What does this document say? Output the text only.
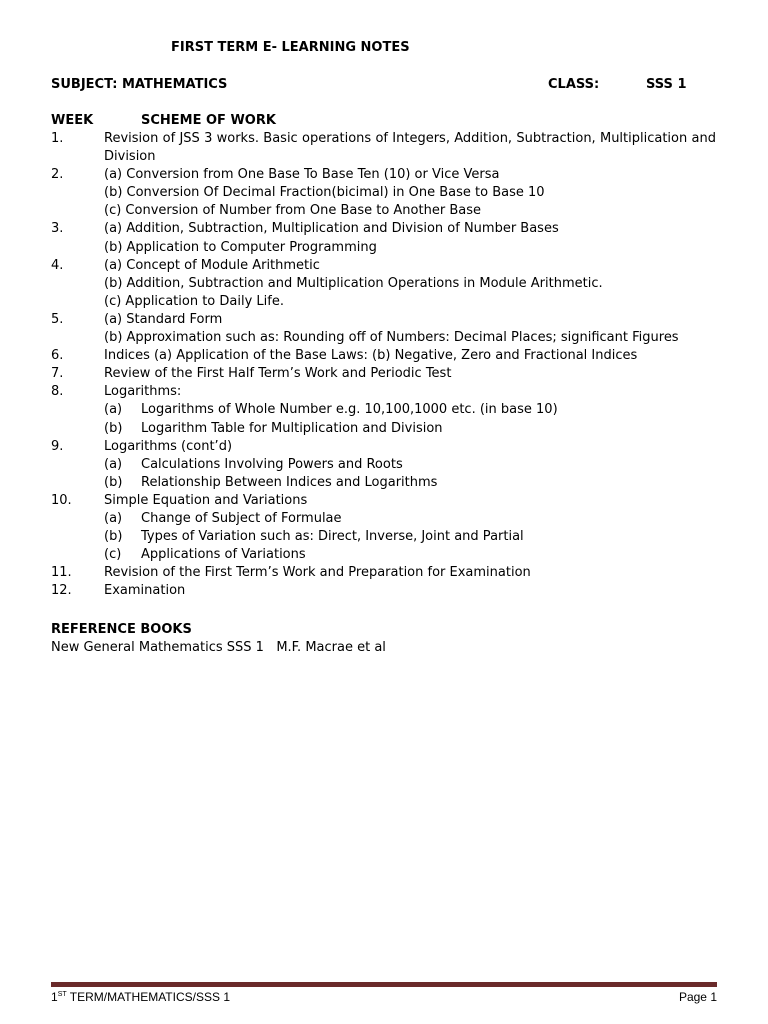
FIRST TERM E- LEARNING NOTES
SUBJECT: MATHEMATICS	CLASS:	SSS 1
WEEK	SCHEME OF WORK
1.	Revision of JSS 3 works. Basic operations of Integers, Addition, Subtraction, Multiplication and Division
2.	(a) Conversion from One Base To Base Ten (10) or Vice Versa
(b) Conversion Of Decimal Fraction(bicimal) in One Base to Base 10
(c) Conversion of Number from One Base to Another Base
3.	(a) Addition, Subtraction, Multiplication and Division of Number Bases
(b) Application to Computer Programming
4.	(a) Concept of Module Arithmetic
(b) Addition, Subtraction and Multiplication Operations in Module Arithmetic.
(c) Application to Daily Life.
5.	(a) Standard Form
(b) Approximation such as: Rounding off of Numbers: Decimal Places; significant Figures
6.	Indices (a) Application of the Base Laws: (b) Negative, Zero and Fractional Indices
7.	Review of the First Half Term’s Work and Periodic Test
8.	Logarithms:
(a) Logarithms of Whole Number e.g. 10,100,1000 etc. (in base 10)
(b) Logarithm Table for Multiplication and Division
9.	Logarithms (cont’d)
(a) Calculations Involving Powers and Roots
(b) Relationship Between Indices and Logarithms
10. Simple Equation and Variations
(a) Change of Subject of Formulae
(b) Types of Variation such as: Direct, Inverse, Joint and Partial
(c) Applications of Variations
11. Revision of the First Term’s Work and Preparation for Examination
12. Examination
REFERENCE BOOKS
New General Mathematics SSS 1   M.F. Macrae et al
1ST TERM/MATHEMATICS/SSS 1	Page 1
